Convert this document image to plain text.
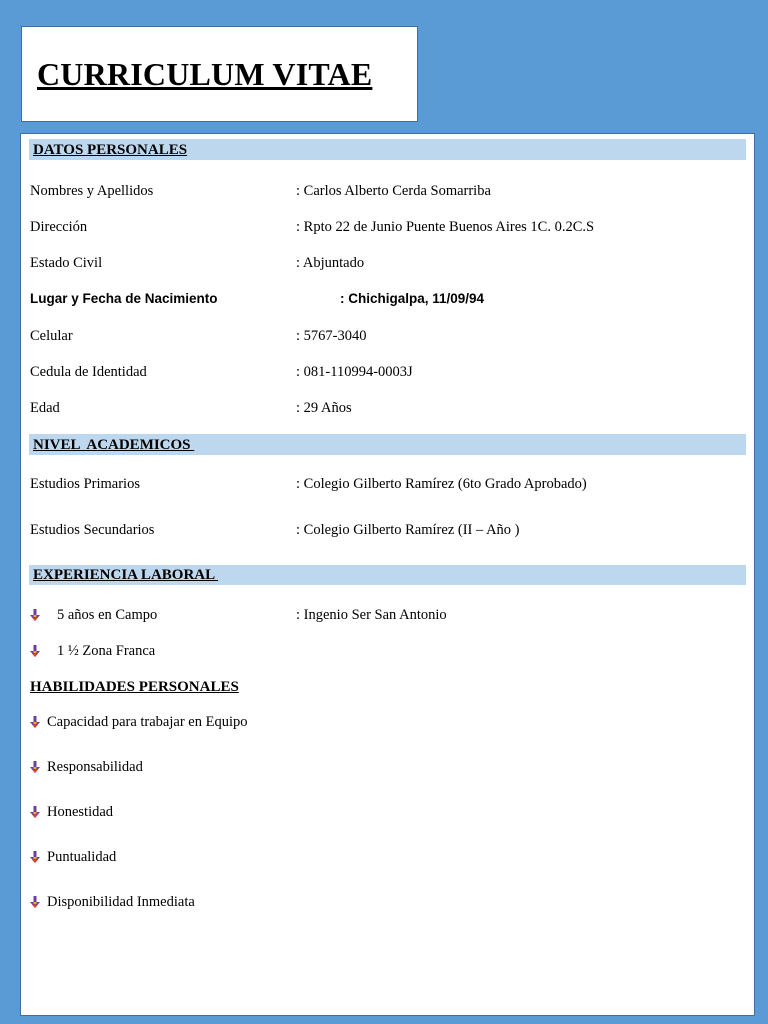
CURRICULUM VITAE
DATOS PERSONALES
Nombres y Apellidos	: Carlos Alberto Cerda Somarriba
Dirección	: Rpto 22 de Junio Puente Buenos Aires 1C. 0.2C.S
Estado Civil	: Abjuntado
Lugar y Fecha de Nacimiento	: Chichigalpa, 11/09/94
Celular	: 5767-3040
Cedula de Identidad	: 081-110994-0003J
Edad	: 29 Años
NIVEL  ACADEMICOS
Estudios Primarios	: Colegio Gilberto Ramírez (6to Grado Aprobado)
Estudios Secundarios	: Colegio Gilberto Ramírez (II – Año )
EXPERIENCIA LABORAL
5 años en Campo	: Ingenio Ser San Antonio
1 ½ Zona Franca
HABILIDADES PERSONALES
Capacidad para trabajar en Equipo
Responsabilidad
Honestidad
Puntualidad
Disponibilidad Inmediata
